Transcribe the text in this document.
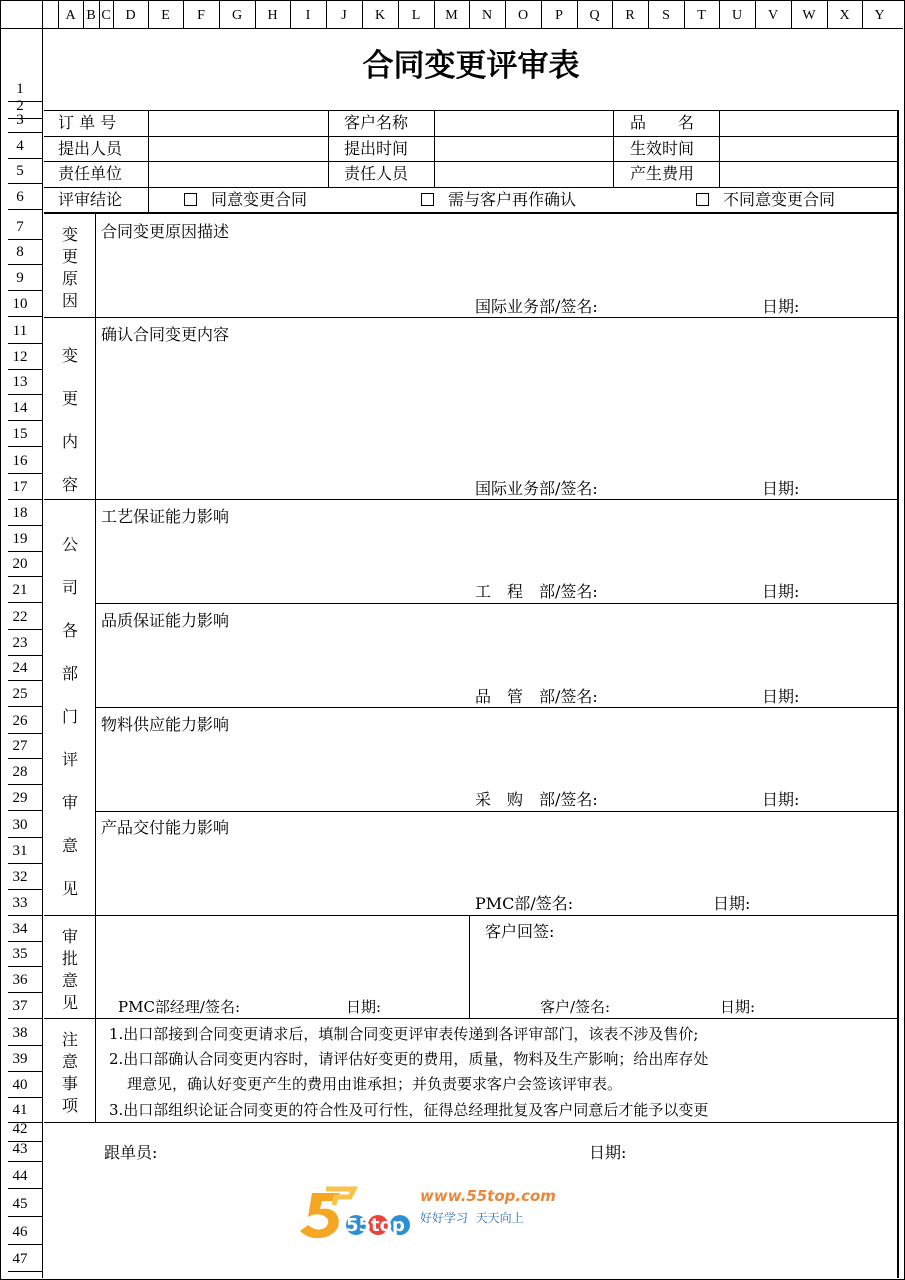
A B C	D	E	F	G	H	I	J	K	L	M	N	O	P	Q	R	S	T	U	V	W	X	Y
1
2
3
4
5
6
7
8
9
10
11
12
13
14
15
16
17
18
19
20
21
22
23
24
25
26
27
28
29
30
31
32
33
34
35
36
37
38
39
40
41
42
43
44
45
46
47
合同变更评审表
订 单 号	客户名称	品　　名
提出人员	提出时间	生效时间
责任单位	责任人员	产生费用
评审结论	同意变更合同	需与客户再作确认	不同意变更合同
变更原因
合同变更原因描述
国际业务部/签名:	日期:
变 更 内 容
确认合同变更内容
国际业务部/签名:	日期:
公 司 各 部 门 评 审 意 见
工艺保证能力影响
工　程　部/签名:	日期:
品质保证能力影响
品　管　部/签名:	日期:
物料供应能力影响
采　购　部/签名:	日期:
产品交付能力影响
PMC部/签名:	日期:
审批意见	PMC部经理/签名:	日期:
客户回签:
客户/签名:	日期:
注意事项
1.出口部接到合同变更请求后，填制合同变更评审表传递到各评审部门，该表不涉及售价;
2.出口部确认合同变更内容时，请评估好变更的费用，质量，物料及生产影响；给出库存处
理意见，确认好变更产生的费用由谁承担；并负责要求客户会签该评审表。
3.出口部组织论证合同变更的符合性及可行性，征得总经理批复及客户同意后才能予以变更
跟单员:	日期:
55top
www.55top.com
好好学习  天天向上
